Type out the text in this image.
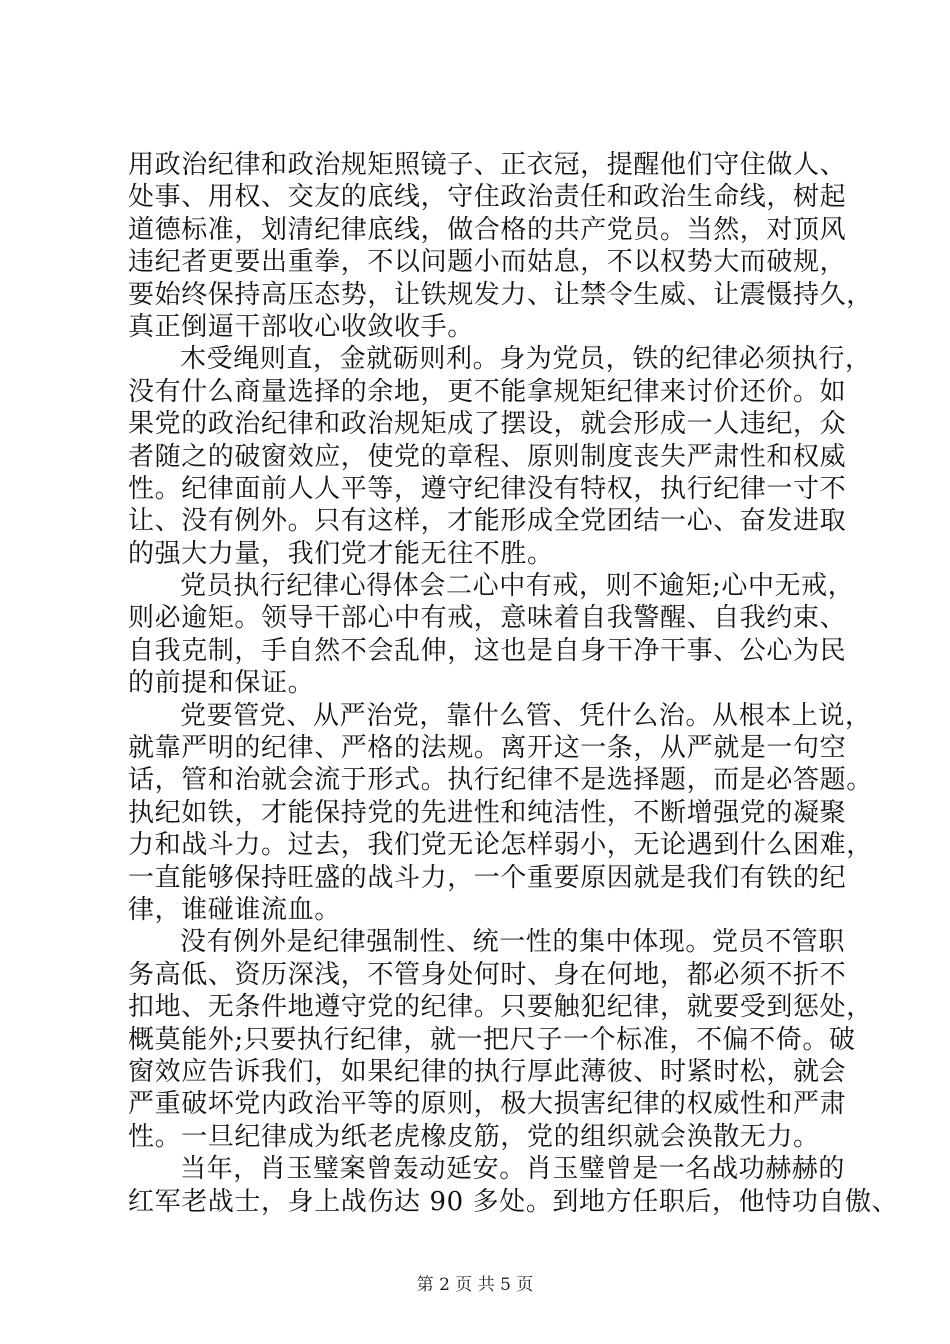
用政治纪律和政治规矩照镜子、正衣冠，提醒他们守住做人、
处事、用权、交友的底线，守住政治责任和政治生命线，树起
道德标准，划清纪律底线，做合格的共产党员。当然，对顶风
违纪者更要出重拳，不以问题小而姑息，不以权势大而破规，
要始终保持高压态势，让铁规发力、让禁令生威、让震慑持久，
真正倒逼干部收心收敛收手。
木受绳则直，金就砺则利。身为党员，铁的纪律必须执行，
没有什么商量选择的余地，更不能拿规矩纪律来讨价还价。如
果党的政治纪律和政治规矩成了摆设，就会形成一人违纪，众
者随之的破窗效应，使党的章程、原则制度丧失严肃性和权威
性。纪律面前人人平等，遵守纪律没有特权，执行纪律一寸不
让、没有例外。只有这样，才能形成全党团结一心、奋发进取
的强大力量，我们党才能无往不胜。
党员执行纪律心得体会二心中有戒，则不逾矩;心中无戒，
则必逾矩。领导干部心中有戒，意味着自我警醒、自我约束、
自我克制，手自然不会乱伸，这也是自身干净干事、公心为民
的前提和保证。
党要管党、从严治党，靠什么管、凭什么治。从根本上说，
就靠严明的纪律、严格的法规。离开这一条，从严就是一句空
话，管和治就会流于形式。执行纪律不是选择题，而是必答题。
执纪如铁，才能保持党的先进性和纯洁性，不断增强党的凝聚
力和战斗力。过去，我们党无论怎样弱小，无论遇到什么困难，
一直能够保持旺盛的战斗力，一个重要原因就是我们有铁的纪
律，谁碰谁流血。
没有例外是纪律强制性、统一性的集中体现。党员不管职
务高低、资历深浅，不管身处何时、身在何地，都必须不折不
扣地、无条件地遵守党的纪律。只要触犯纪律，就要受到惩处，
概莫能外;只要执行纪律，就一把尺子一个标准，不偏不倚。破
窗效应告诉我们，如果纪律的执行厚此薄彼、时紧时松，就会
严重破坏党内政治平等的原则，极大损害纪律的权威性和严肃
性。一旦纪律成为纸老虎橡皮筋，党的组织就会涣散无力。
当年，肖玉璧案曾轰动延安。肖玉璧曾是一名战功赫赫的
红军老战士，身上战伤达 90 多处。到地方任职后，他恃功自傲、
第 2 页 共 5 页
